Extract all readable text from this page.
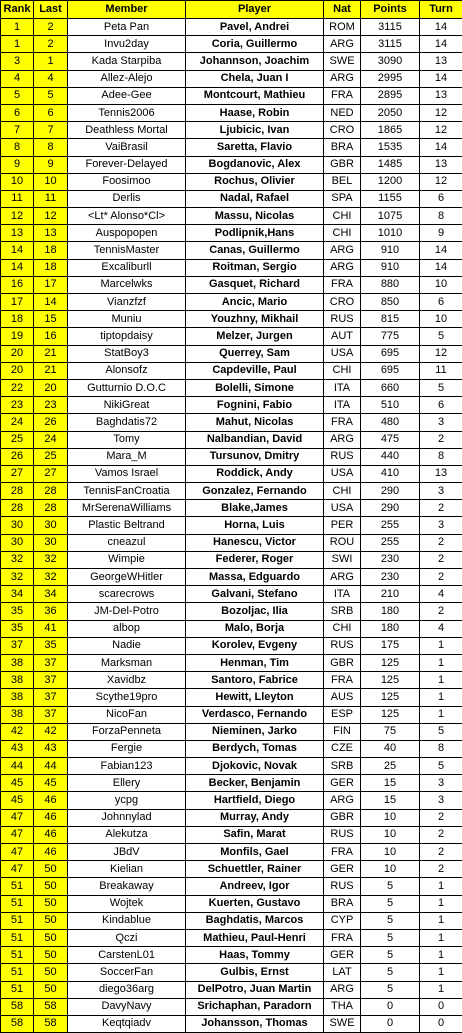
Rank	Last	Member	Player	Nat	Points	Turn
1	2	Peta Pan	Pavel, Andrei	ROM	3115	14
1	2	Invu2day	Coria, Guillermo	ARG	3115	14
3	1	Kada Starpiba	Johannson, Joachim	SWE	3090	13
4	4	Allez-Alejo	Chela, Juan I	ARG	2995	14
5	5	Adee-Gee	Montcourt, Mathieu	FRA	2895	13
6	6	Tennis2006	Haase, Robin	NED	2050	12
7	7	Deathless Mortal	Ljubicic, Ivan	CRO	1865	12
8	8	VaiBrasil	Saretta, Flavio	BRA	1535	14
9	9	Forever-Delayed	Bogdanovic, Alex	GBR	1485	13
10	10	Foosimoo	Rochus, Olivier	BEL	1200	12
11	11	Derlis	Nadal, Rafael	SPA	1155	6
12	12	<Lt* Alonso*Cl>	Massu, Nicolas	CHI	1075	8
13	13	Auspopopen	Podlipnik,Hans	CHI	1010	9
14	18	TennisMaster	Canas, Guillermo	ARG	910	14
14	18	Excaliburll	Roitman, Sergio	ARG	910	14
16	17	Marcelwks	Gasquet, Richard	FRA	880	10
17	14	Vianzfzf	Ancic, Mario	CRO	850	6
18	15	Muniu	Youzhny, Mikhail	RUS	815	10
19	16	tiptopdaisy	Melzer, Jurgen	AUT	775	5
20	21	StatBoy3	Querrey, Sam	USA	695	12
20	21	Alonsofz	Capdeville, Paul	CHI	695	11
22	20	Gutturnio D.O.C	Bolelli, Simone	ITA	660	5
23	23	NikiGreat	Fognini, Fabio	ITA	510	6
24	26	Baghdatis72	Mahut, Nicolas	FRA	480	3
25	24	Tomy	Nalbandian, David	ARG	475	2
26	25	Mara_M	Tursunov, Dmitry	RUS	440	8
27	27	Vamos Israel	Roddick, Andy	USA	410	13
28	28	TennisFanCroatia	Gonzalez, Fernando	CHI	290	3
28	28	MrSerenaWilliams	Blake,James	USA	290	2
30	30	Plastic Beltrand	Horna, Luis	PER	255	3
30	30	cneazul	Hanescu, Victor	ROU	255	2
32	32	Wimpie	Federer, Roger	SWI	230	2
32	32	GeorgeWHitler	Massa, Edguardo	ARG	230	2
34	34	scarecrows	Galvani, Stefano	ITA	210	4
35	36	JM-Del-Potro	Bozoljac, Ilia	SRB	180	2
35	41	albop	Malo, Borja	CHI	180	4
37	35	Nadie	Korolev, Evgeny	RUS	175	1
38	37	Marksman	Henman, Tim	GBR	125	1
38	37	Xavidbz	Santoro, Fabrice	FRA	125	1
38	37	Scythe19pro	Hewitt, Lleyton	AUS	125	1
38	37	NicoFan	Verdasco, Fernando	ESP	125	1
42	42	ForzaPenneta	Nieminen, Jarko	FIN	75	5
43	43	Fergie	Berdych, Tomas	CZE	40	8
44	44	Fabian123	Djokovic, Novak	SRB	25	5
45	45	Ellery	Becker, Benjamin	GER	15	3
45	46	ycpg	Hartfield, Diego	ARG	15	3
47	46	Johnnylad	Murray, Andy	GBR	10	2
47	46	Alekutza	Safin, Marat	RUS	10	2
47	46	JBdV	Monfils, Gael	FRA	10	2
47	50	Kielian	Schuettler, Rainer	GER	10	2
51	50	Breakaway	Andreev, Igor	RUS	5	1
51	50	Wojtek	Kuerten, Gustavo	BRA	5	1
51	50	Kindablue	Baghdatis, Marcos	CYP	5	1
51	50	Qczi	Mathieu, Paul-Henri	FRA	5	1
51	50	CarstenL01	Haas, Tommy	GER	5	1
51	50	SoccerFan	Gulbis, Ernst	LAT	5	1
51	50	diego36arg	DelPotro, Juan Martin	ARG	5	1
58	58	DavyNavy	Srichaphan, Paradorn	THA	0	0
58	58	Keqtqiadv	Johansson, Thomas	SWE	0	0
